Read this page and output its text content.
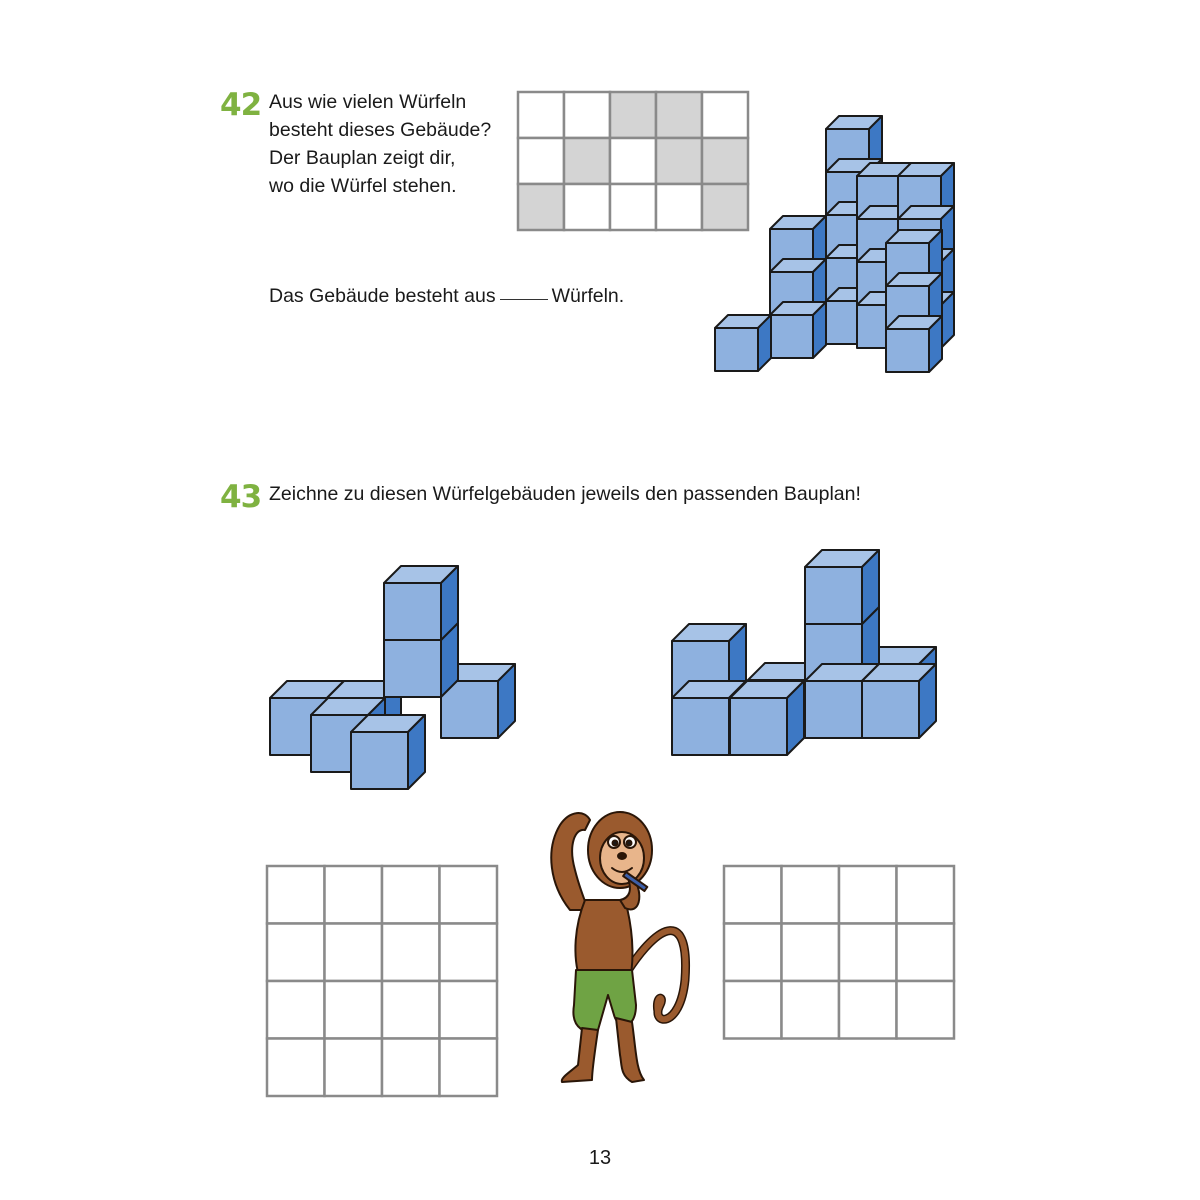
42 Aus wie vielen Würfeln
besteht dieses Gebäude?
Der Bauplan zeigt dir,
wo die Würfel stehen.
Das Gebäude besteht aus	Würfeln.
43 Zeichne zu diesen Würfelgebäuden jeweils den passenden Bauplan!
13
